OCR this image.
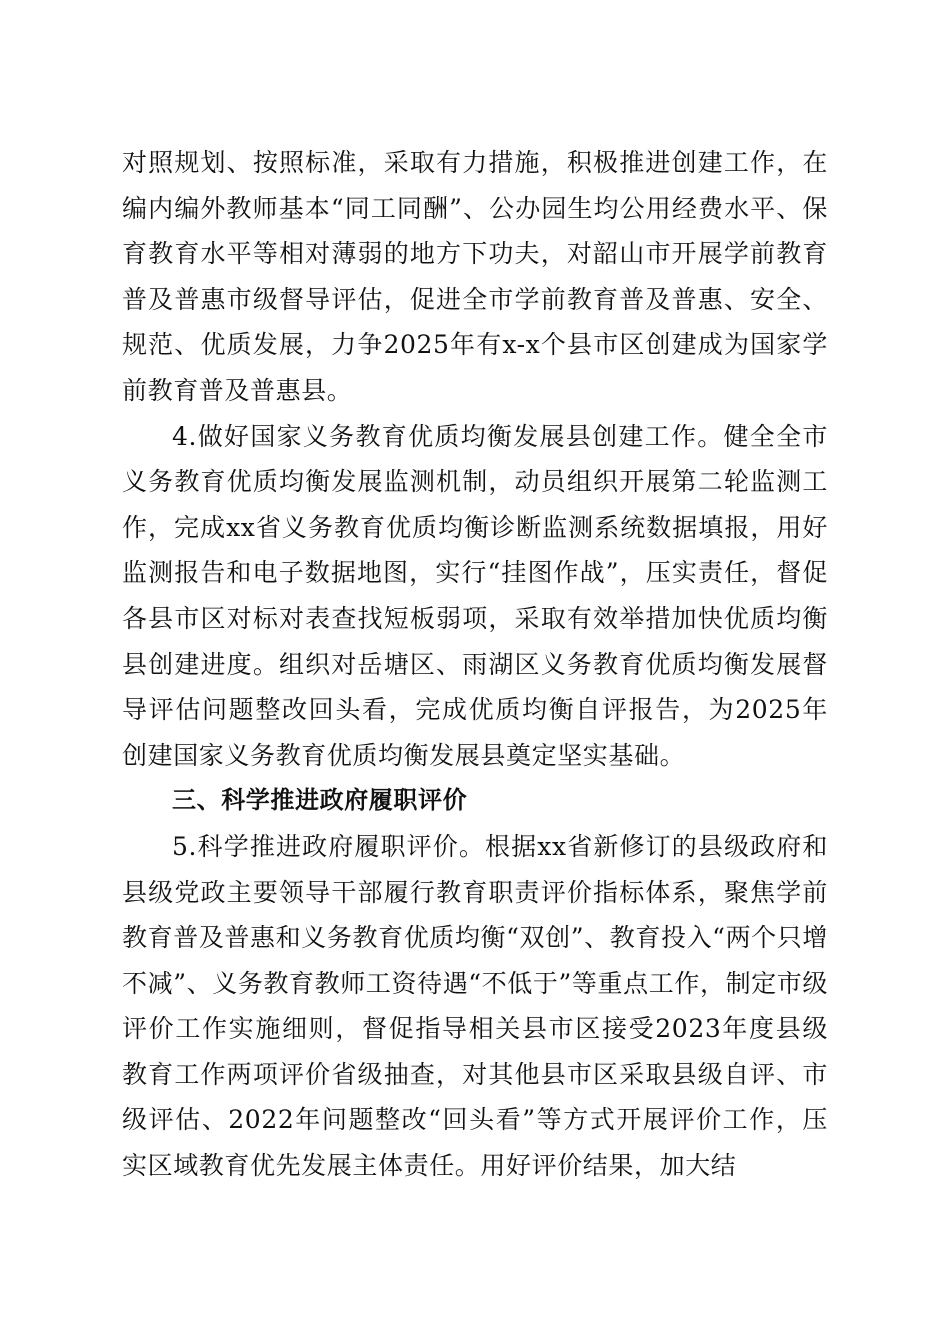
对照规划、按照标准，采取有力措施，积极推进创建工作，在编内编外教师基本“同工同酬”、公办园生均公用经费水平、保育教育水平等相对薄弱的地方下功夫，对韶山市开展学前教育普及普惠市级督导评估，促进全市学前教育普及普惠、安全、规范、优质发展，力争2025年有x-x个县市区创建成为国家学前教育普及普惠县。

4.做好国家义务教育优质均衡发展县创建工作。健全全市义务教育优质均衡发展监测机制，动员组织开展第二轮监测工作，完成xx省义务教育优质均衡诊断监测系统数据填报，用好监测报告和电子数据地图，实行“挂图作战”，压实责任，督促各县市区对标对表查找短板弱项，采取有效举措加快优质均衡县创建进度。组织对岳塘区、雨湖区义务教育优质均衡发展督导评估问题整改回头看，完成优质均衡自评报告，为2025年创建国家义务教育优质均衡发展县奠定坚实基础。

三、科学推进政府履职评价

5.科学推进政府履职评价。根据xx省新修订的县级政府和县级党政主要领导干部履行教育职责评价指标体系，聚焦学前教育普及普惠和义务教育优质均衡“双创”、教育投入“两个只增不减”、义务教育教师工资待遇“不低于”等重点工作，制定市级评价工作实施细则，督促指导相关县市区接受2023年度县级教育工作两项评价省级抽查，对其他县市区采取县级自评、市级评估、2022年问题整改“回头看”等方式开展评价工作，压实区域教育优先发展主体责任。用好评价结果，加大结
